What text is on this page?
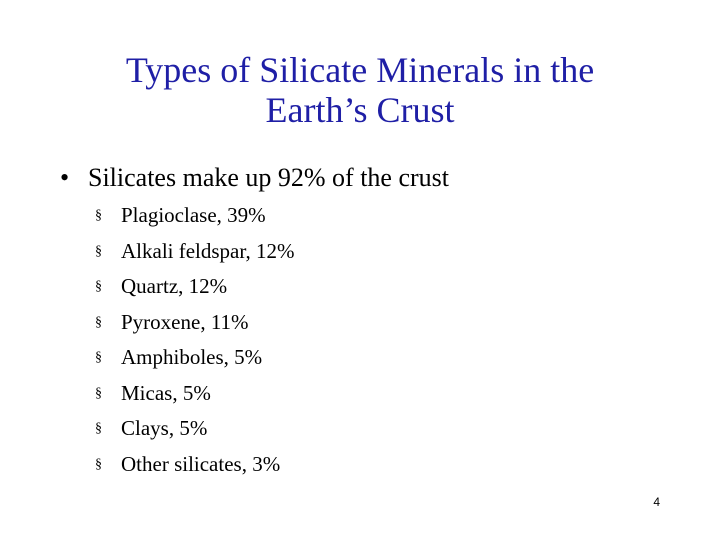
Types of Silicate Minerals in the
Earth’s Crust
• Silicates make up 92% of the crust
§ Plagioclase, 39%
§ Alkali feldspar, 12%
§ Quartz, 12%
§ Pyroxene, 11%
§ Amphiboles, 5%
§ Micas, 5%
§ Clays, 5%
§ Other silicates, 3%
4
